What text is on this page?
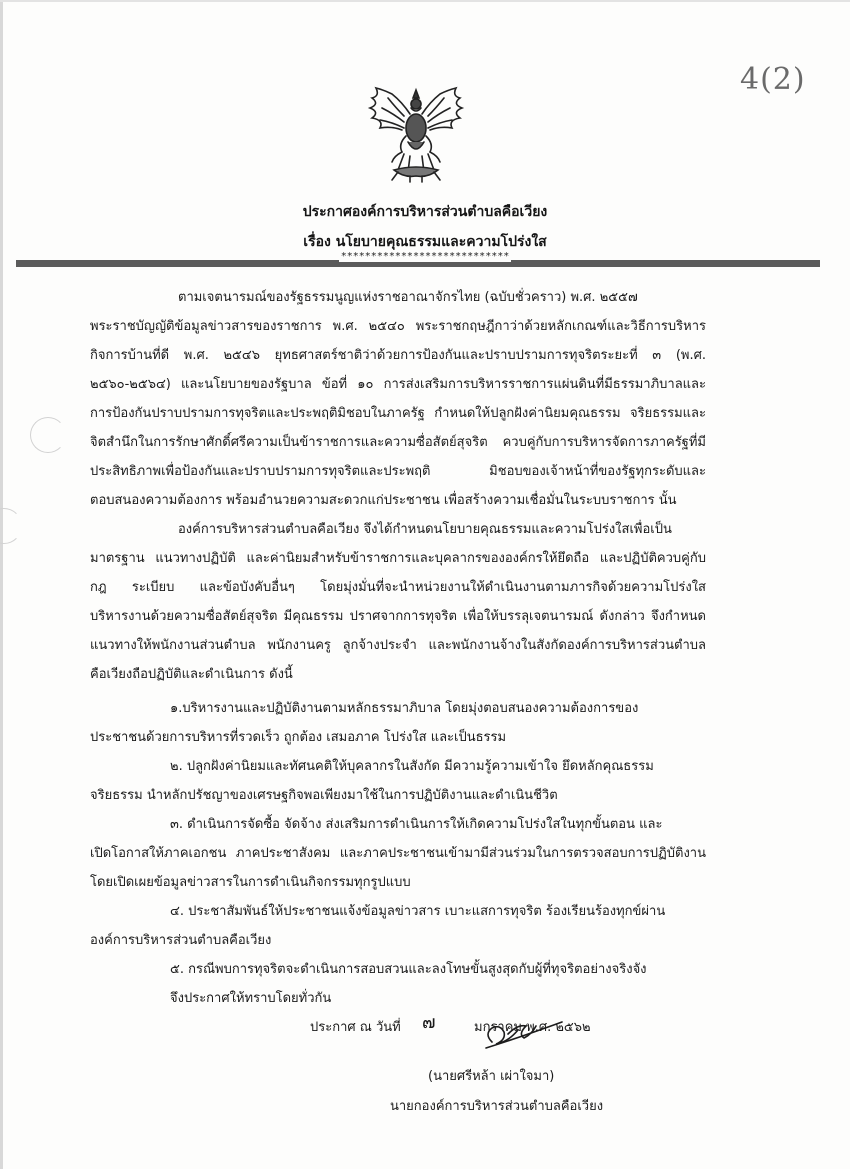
4(2)
ประกาศองค์การบริหารส่วนตำบลคือเวียง
เรื่อง นโยบายคุณธรรมและความโปร่งใส
****************************
ตามเจตนารมณ์ของรัฐธรรมนูญแห่งราชอาณาจักรไทย (ฉบับชั่วคราว) พ.ศ. ๒๕๕๗
พระราชบัญญัติข้อมูลข่าวสารของราชการ พ.ศ. ๒๕๔๐ พระราชกฤษฎีกาว่าด้วยหลักเกณฑ์และวิธีการบริหาร
กิจการบ้านที่ดี พ.ศ. ๒๕๔๖ ยุทธศาสตร์ชาติว่าด้วยการป้องกันและปราบปรามการทุจริตระยะที่ ๓ (พ.ศ.
๒๕๖๐-๒๕๖๔) และนโยบายของรัฐบาล ข้อที่ ๑๐ การส่งเสริมการบริหารราชการแผ่นดินที่มีธรรมาภิบาลและ
การป้องกันปราบปรามการทุจริตและประพฤติมิชอบในภาครัฐ กำหนดให้ปลูกฝังค่านิยมคุณธรรม จริยธรรมและ
จิตสำนึกในการรักษาศักดิ์ศรีความเป็นข้าราชการและความซื่อสัตย์สุจริต ควบคู่กับการบริหารจัดการภาครัฐที่มี
ประสิทธิภาพเพื่อป้องกันและปราบปรามการทุจริตและประพฤติ มิชอบของเจ้าหน้าที่ของรัฐทุกระดับและ
ตอบสนองความต้องการ พร้อมอำนวยความสะดวกแก่ประชาชน เพื่อสร้างความเชื่อมั่นในระบบราชการ นั้น
องค์การบริหารส่วนตำบลคือเวียง จึงได้กำหนดนโยบายคุณธรรมและความโปร่งใสเพื่อเป็น
มาตรฐาน แนวทางปฏิบัติ และค่านิยมสำหรับข้าราชการและบุคลากรขององค์กรให้ยึดถือ และปฏิบัติควบคู่กับ
กฎ ระเบียบ และข้อบังคับอื่นๆ โดยมุ่งมั่นที่จะนำหน่วยงานให้ดำเนินงานตามภารกิจด้วยความโปร่งใส
บริหารงานด้วยความซื่อสัตย์สุจริต มีคุณธรรม ปราศจากการทุจริต เพื่อให้บรรลุเจตนารมณ์ ดังกล่าว จึงกำหนด
แนวทางให้พนักงานส่วนตำบล พนักงานครู ลูกจ้างประจำ และพนักงานจ้างในสังกัดองค์การบริหารส่วนตำบล
คือเวียงถือปฏิบัติและดำเนินการ ดังนี้
๑.บริหารงานและปฏิบัติงานตามหลักธรรมาภิบาล โดยมุ่งตอบสนองความต้องการของ
ประชาชนด้วยการบริหารที่รวดเร็ว ถูกต้อง เสมอภาค โปร่งใส และเป็นธรรม
๒. ปลูกฝังค่านิยมและทัศนคติให้บุคลากรในสังกัด มีความรู้ความเข้าใจ ยึดหลักคุณธรรม
จริยธรรม นำหลักปรัชญาของเศรษฐกิจพอเพียงมาใช้ในการปฏิบัติงานและดำเนินชีวิต
๓. ดำเนินการจัดซื้อ จัดจ้าง ส่งเสริมการดำเนินการให้เกิดความโปร่งใสในทุกขั้นตอน และ
เปิดโอกาสให้ภาคเอกชน ภาคประชาสังคม และภาคประชาชนเข้ามามีส่วนร่วมในการตรวจสอบการปฏิบัติงาน
โดยเปิดเผยข้อมูลข่าวสารในการดำเนินกิจกรรมทุกรูปแบบ
๔. ประชาสัมพันธ์ให้ประชาชนแจ้งข้อมูลข่าวสาร เบาะแสการทุจริต ร้องเรียนร้องทุกข์ผ่าน
องค์การบริหารส่วนตำบลคือเวียง
๕. กรณีพบการทุจริตจะดำเนินการสอบสวนและลงโทษขั้นสูงสุดกับผู้ที่ทุจริตอย่างจริงจัง
จึงประกาศให้ทราบโดยทั่วกัน
ประกาศ ณ วันที่	๗	มกราคม พ.ศ. ๒๕๖๒
(นายศรีหล้า เผ่าใจมา)
นายกองค์การบริหารส่วนตำบลคือเวียง
